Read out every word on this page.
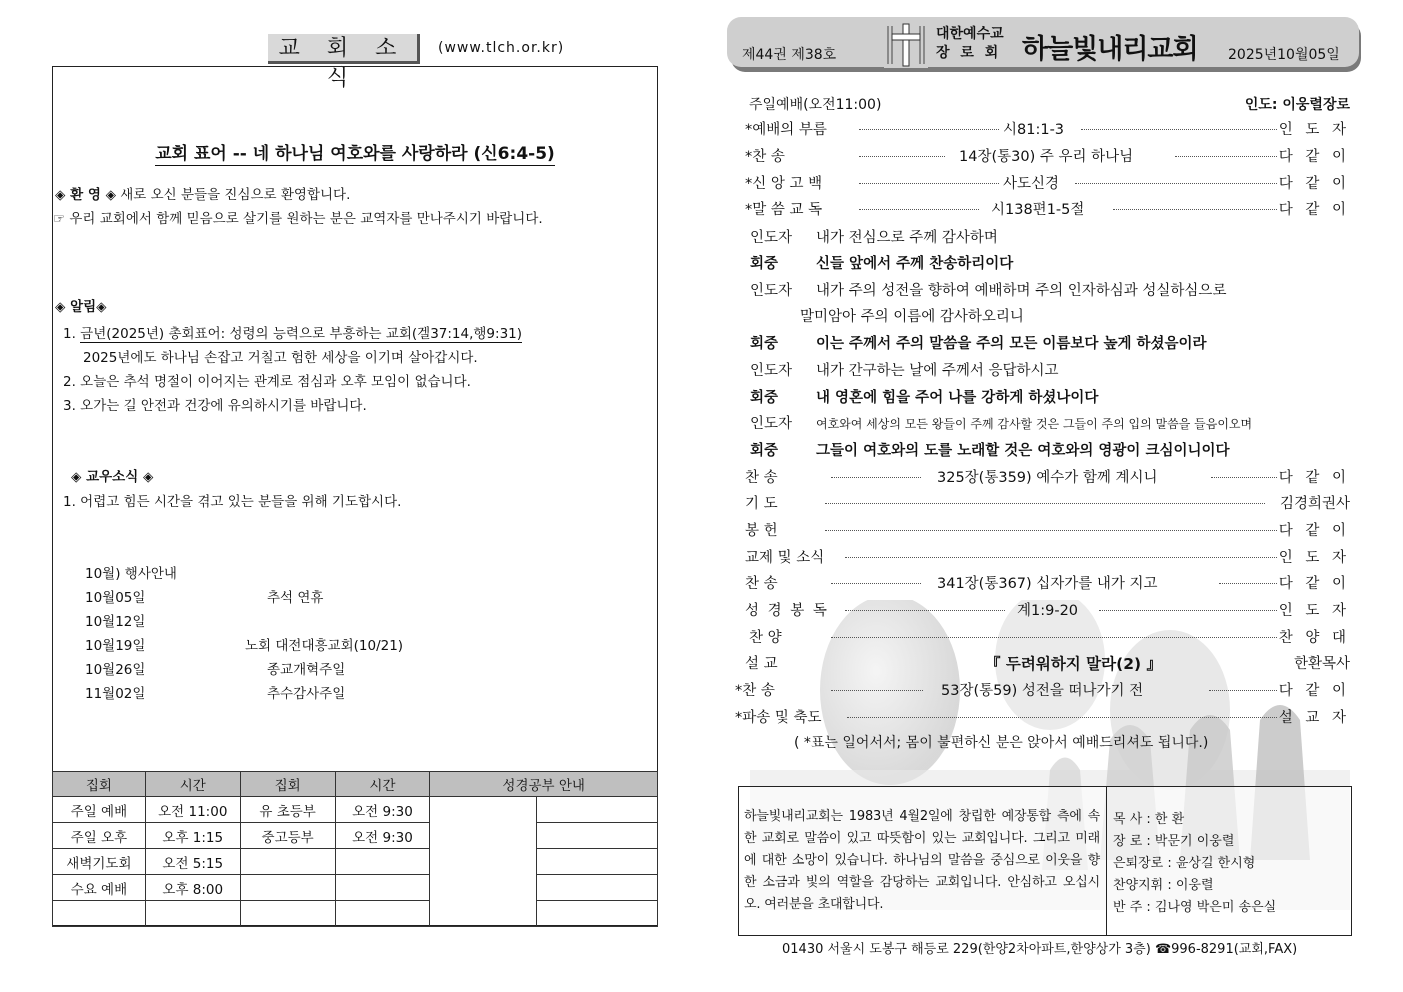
교 회 소 식
(www.tlch.or.kr)
교회 표어 -- 네 하나님 여호와를 사랑하라 (신6:4-5)
◈ 환 영 ◈ 새로 오신 분들을 진심으로 환영합니다.
☞ 우리 교회에서 함께 믿음으로 살기를 원하는 분은 교역자를 만나주시기 바랍니다.
◈ 알림◈
1. 금년(2025년) 총회표어: 성령의 능력으로 부흥하는 교회(겔37:14,행9:31)
2025년에도 하나님 손잡고 거칠고 험한 세상을 이기며 살아갑시다.
2. 오늘은 추석 명절이 이어지는 관계로 점심과 오후 모임이 없습니다.
3. 오가는 길 안전과 건강에 유의하시기를 바랍니다.
◈ 교우소식 ◈
1. 어렵고 힘든 시간을 겪고 있는 분들을 위해 기도합시다.
10월) 행사안내
10월05일	추석 연휴
10월12일
10월19일	노회 대전대흥교회(10/21)
10월26일	종교개혁주일
11월02일	추수감사주일
집회	시간	집회	시간	성경공부 안내	
주일 예배	오전 11:00	유 초등부	오전 9:30		
주일 오후	오후 1:15	중고등부	오전 9:30		
새벽기도회	오전 5:15				
수요 예배	오후 8:00				

제44권 제38호
대한예수교
장 로 회 하늘빛내리교회 2025년10월05일
주일예배(오전11:00)	인도: 이웅렬장로
*예배의 부름	시81:1-3	인 도 자
*찬 송	14장(통30) 주 우리 하나님	다 같 이
*신 앙 고 백	사도신경	다 같 이
*말 씀 교 독	시138편1-5절	다 같 이
인도자 내가 전심으로 주께 감사하며
회중	신들 앞에서 주께 찬송하리이다
인도자 내가 주의 성전을 향하여 예배하며 주의 인자하심과 성실하심으로
말미암아 주의 이름에 감사하오리니
회중	이는 주께서 주의 말씀을 주의 모든 이름보다 높게 하셨음이라
인도자 내가 간구하는 날에 주께서 응답하시고
회중	내 영혼에 힘을 주어 나를 강하게 하셨나이다
인도자 여호와여 세상의 모든 왕들이 주께 감사할 것은 그들이 주의 입의 말씀을 들음이오며
회중	그들이 여호와의 도를 노래할 것은 여호와의 영광이 크심이니이다
찬 송	325장(통359) 예수가 함께 계시니	다 같 이
기 도	김경희권사
봉 헌	다 같 이
교제 및 소식	인 도 자
찬 송	341장(통367) 십자가를 내가 지고	다 같 이
성 경 봉 독	계1:9-20	인 도 자
찬 양	찬 양 대
설 교	『 두려워하지 말라(2) 』	한환목사
*찬 송	53장(통59) 성전을 떠나가기 전	다 같 이
*파송 및 축도	설 교 자
( *표는 일어서서; 몸이 불편하신 분은 앉아서 예배드리셔도 됩니다.)
하늘빛내리교회는 1983년 4월2일에 창립한 예장통합 측에 속한 교회로 말씀이 있고 따뜻함이 있는 교회입니다. 그리고 미래에 대한 소망이 있습니다. 하나님의 말씀을 중심으로 이웃을 향한 소금과 빛의 역할을 감당하는 교회입니다. 안심하고 오십시오. 여러분을 초대합니다.
목 사 : 한 환
장 로 : 박문기 이웅렬
은퇴장로 : 윤상길 한시형
찬양지휘 : 이웅렬
반 주 : 김나영 박은미 송은실
01430 서울시 도봉구 해등로 229(한양2차아파트,한양상가 3층) ☎996-8291(교회,FAX)
